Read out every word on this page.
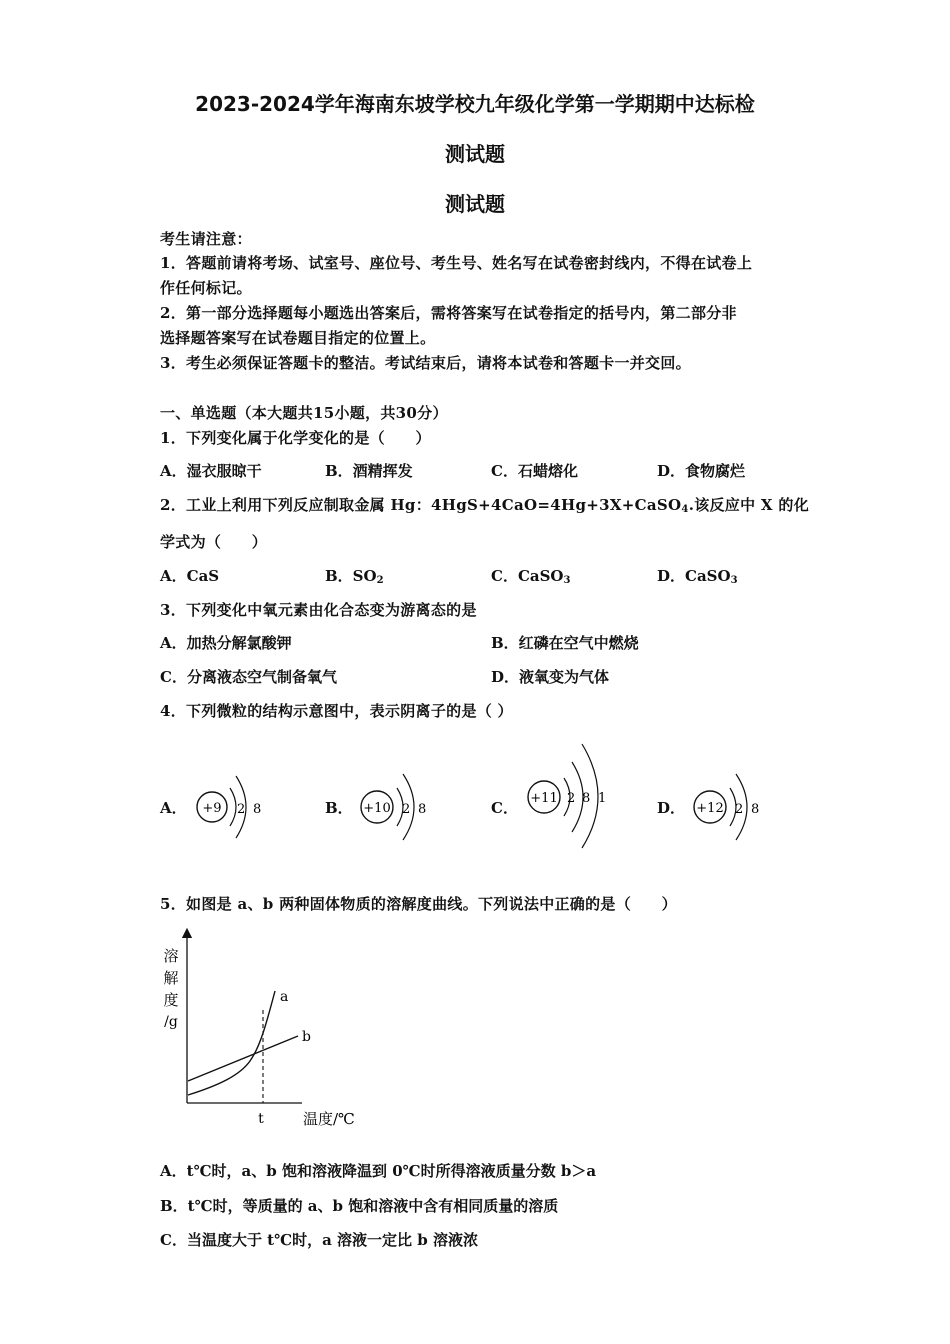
2023-2024学年海南东坡学校九年级化学第一学期期中达标检
测试题
测试题
考生请注意：
1．答题前请将考场、试室号、座位号、考生号、姓名写在试卷密封线内，不得在试卷上
作任何标记。
2．第一部分选择题每小题选出答案后，需将答案写在试卷指定的括号内，第二部分非
选择题答案写在试卷题目指定的位置上。
3．考生必须保证答题卡的整洁。考试结束后，请将本试卷和答题卡一并交回。
一、单选题（本大题共15小题，共30分）
1．下列变化属于化学变化的是（　　）
A．湿衣服晾干	B．酒精挥发	C．石蜡熔化	D．食物腐烂
2．工业上利用下列反应制取金属 Hg：4HgS+4CaO=4Hg+3X+CaSO$_4$.该反应中 X 的化
学式为（　　）
A．CaS	B．$SO_2$	C．CaSO$_3$	D．CaSO$_3$
3．下列变化中氧元素由化合态变为游离态的是
A．加热分解氯酸钾	B．红磷在空气中燃烧
C．分离液态空气制备氧气	D．液氧变为气体
4．下列微粒的结构示意图中，表示阴离子的是（ ）
A． +9 2 8	B． +10 2 8	C．
+11 2 8 1
D． +12 2 8
5．如图是 a、b 两种固体物质的溶解度曲线。下列说法中正确的是（　　）
溶
解
度
/g
温度/℃
t
b
a
A．t℃时，a、b 饱和溶液降温到 0℃时所得溶液质量分数 b＞a
B．t℃时，等质量的 a、b 饱和溶液中含有相同质量的溶质
C．当温度大于 t℃时，a 溶液一定比 b 溶液浓
